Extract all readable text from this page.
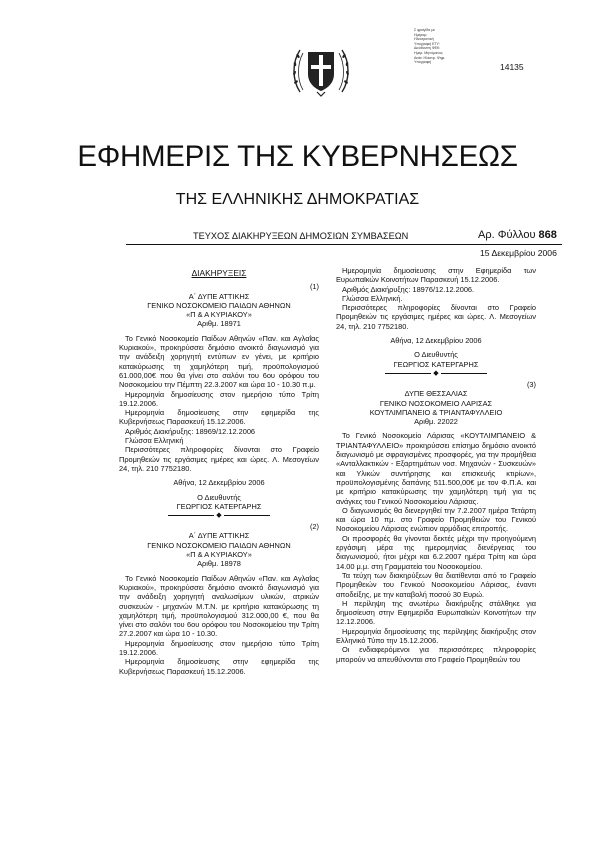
Σ φραγίδα με
Ημερομ:
Ηλεκτρονική
Υπογραφή ΕΤΥ:
Διεύθυνση ΦΕΚ:
Ημερ. Μηνύματος:
Αιτία: Ηλεκτρ. Ψηφ.
Υπογραφή	14135
ΕΦΗΜΕΡΙΣ ΤΗΣ ΚΥΒΕΡΝΗΣΕΩΣ
ΤΗΣ ΕΛΛΗΝΙΚΗΣ ΔΗΜΟΚΡΑΤΙΑΣ
ΤΕΥΧΟΣ ΔΙΑΚΗΡΥΞΕΩΝ ΔΗΜΟΣΙΩΝ ΣΥΜΒΑΣΕΩΝ	Αρ. Φύλλου 868
15 Δεκεμβρίου 2006

ΔΙΑΚΗΡΥΞΕΙΣ

(1)

Α΄ ΔΥΠΕ ΑΤΤΙΚΗΣ

ΓΕΝΙΚΟ ΝΟΣΟΚΟΜΕΙΟ ΠΑΙΔΩΝ ΑΘΗΝΩΝ

«Π & Α ΚΥΡΙΑΚΟΥ»

Αριθμ. 18971

Το Γενικό Νοσοκομείο Παίδων Αθηνών «Παν. και Αγλαΐας Κυριακού», προκηρύσσει δημόσιο ανοικτό διαγωνισμό για την ανάδειξη χορηγητή εντύπων εν γένει, με κριτήριο κατακύρωσης τη χαμηλότερη τιμή, προϋπολογισμού 61.000,00€ που θα γίνει στο σαλόνι του 6ου ορόφου του Νοσοκομείου την Πέμπτη 22.3.2007 και ώρα 10 - 10.30 π.μ.

Ημερομηνία δημοσίευσης στον ημερήσιο τύπο Τρίτη 19.12.2006.

Ημερομηνία δημοσίευσης στην εφημερίδα της Κυβερνήσεως Παρασκευή 15.12.2006.

Αριθμός Διακήρυξης: 18969/12.12.2006

Γλώσσα Ελληνική

Περισσότερες πληροφορίες δίνονται στο Γραφείο Προμηθειών τις εργάσιμες ημέρες και ώρες. Λ. Μεσογείων 24, τηλ. 210 7752180.

Αθήνα, 12 Δεκεμβρίου 2006

Ο Διευθυντής

ΓΕΩΡΓΙΟΣ ΚΑΤΕΡΓΑΡΗΣ

◆

(2)

Α΄ ΔΥΠΕ ΑΤΤΙΚΗΣ

ΓΕΝΙΚΟ ΝΟΣΟΚΟΜΕΙΟ ΠΑΙΔΩΝ ΑΘΗΝΩΝ

«Π & Α ΚΥΡΙΑΚΟΥ»

Αριθμ. 18978

Το Γενικό Νοσοκομείο Παίδων Αθηνών «Παν. και Αγλαΐας Κυριακού», προκηρύσσει δημόσιο ανοικτό διαγωνισμό για την ανάδειξη χορηγητή αναλωσίμων υλικών, ατρικών συσκευών - μηχανών Μ.Τ.Ν. με κριτήριο κατακύρωσης τη χαμηλότερη τιμή, προϋπολογισμού 312.000,00 €, που θα γίνει στο σαλόνι του 6ου ορόφου του Νοσοκομείου την Τρίτη 27.2.2007 και ώρα 10 - 10.30.

Ημερομηνία δημοσίευσης στον ημερήσιο τύπο Τρίτη 19.12.2006.

Ημερομηνία δημοσίευσης στην εφημερίδα της Κυβερνήσεως Παρασκευή 15.12.2006.

Ημερομηνία δημοσίευσης στην Εφημερίδα των Ευρωπαϊκών Κοινοτήτων Παρασκευή 15.12.2006.

Αριθμός Διακήρυξης: 18976/12.12.2006.

Γλώσσα Ελληνική.

Περισσότερες πληροφορίες δίνονται στο Γραφείο Προμηθειών τις εργάσιμες ημέρες και ώρες. Λ. Μεσογείων 24, τηλ. 210 7752180.

Αθήνα, 12 Δεκεμβρίου 2006

Ο Διευθυντής

ΓΕΩΡΓΙΟΣ ΚΑΤΕΡΓΑΡΗΣ

◆

(3)

ΔΥΠΕ ΘΕΣΣΑΛΙΑΣ

ΓΕΝΙΚΟ ΝΟΣΟΚΟΜΕΙΟ ΛΑΡΙΣΑΣ

ΚΟΥΤΛΙΜΠΑΝΕΙΟ & ΤΡΙΑΝΤΑΦΥΛΛΕΙΟ

Αριθμ. 22022

Το Γενικό Νοσοκομείο Λάρισας «ΚΟΥΤΛΙΜΠΑΝΕΙΟ & ΤΡΙΑΝΤΑΦΥΛΛΕΙΟ» προκηρύσσει επίσημο δημόσιο ανοικτό διαγωνισμό με σφραγισμένες προσφορές, για την προμήθεια «Ανταλλακτικών - Εξαρτημάτων νοσ. Μηχανών - Συσκευών» και Υλικών συντήρησης και επισκευής κτιρίων», προϋπολογισμένης δαπάνης 511.500,00€ με τον Φ.Π.Α. και με κριτήριο κατακύρωσης την χαμηλότερη τιμή για τις ανάγκες του Γενικού Νοσοκομείου Λάρισας.

Ο διαγωνισμός θα διενεργηθεί την 7.2.2007 ημέρα Τετάρτη και ώρα 10 πμ. στο Γραφείο Προμηθειών του Γενικού Νοσοκομείου Λάρισας ενώπιον αρμόδιας επιτροπής.

Οι προσφορές θα γίνονται δεκτές μέχρι την προηγούμενη εργάσιμη μέρα της ημερομηνίας διενέργειας του διαγωνισμού, ήτοι μέχρι και 6.2.2007 ημέρα Τρίτη και ώρα 14.00 μ.μ. στη Γραμματεία του Νοσοκομείου.

Τα τεύχη των διακηρύξεων θα διατίθενται από το Γραφείο Προμηθειών του Γενικού Νοσοκομείου Λάρισας, έναντι αποδείξης, με την καταβολή ποσού 30 Ευρώ.

Η περίληψη της ανωτέρω διακήρυξης στάλθηκε για δημοσίευση στην Εφημερίδα Ευρωπαϊκών Κοινοτήτων την 12.12.2006.

Ημερομηνία δημοσίευσης της περίληψης διακήρυξης στον Ελληνικό Τύπο την 15.12.2006.

Οι ενδιαφερόμενοι για περισσότερες πληροφορίες μπορούν να απευθύνονται στο Γραφείο Προμηθειών του
